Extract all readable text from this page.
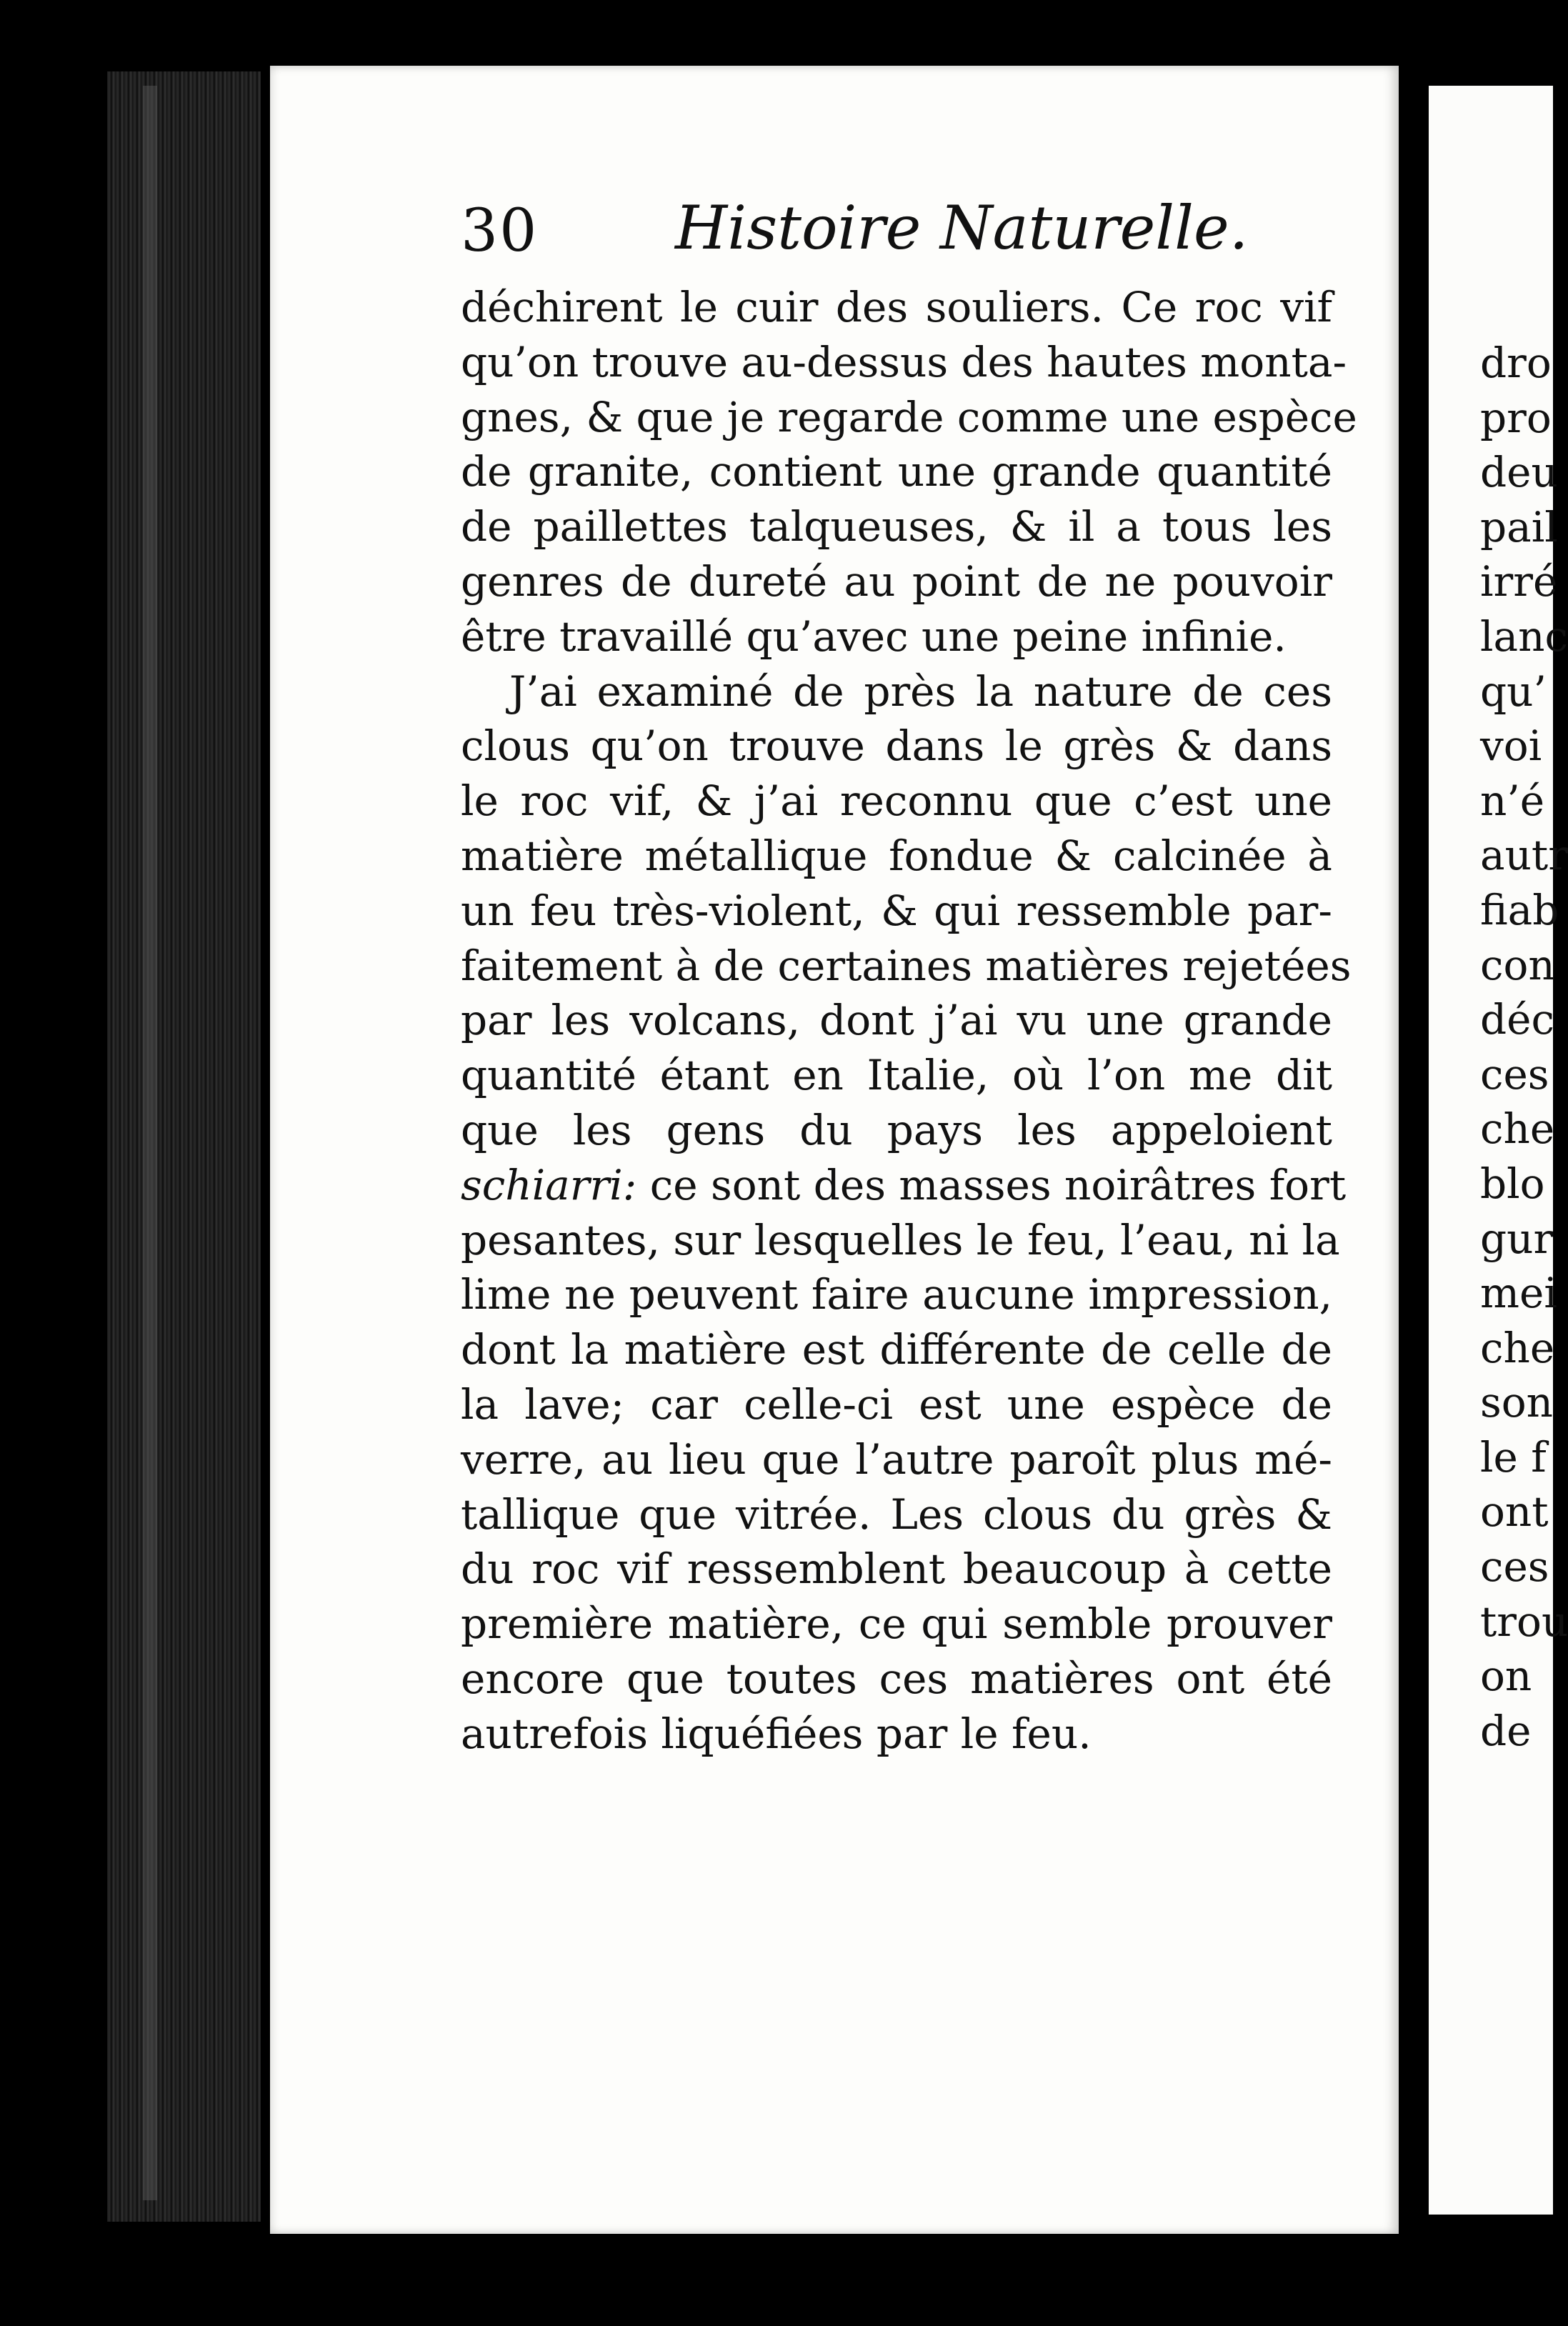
30 Histoire Naturelle.
déchirent le cuir des souliers. Ce roc vif
qu’on trouve au-dessus des hautes monta-
gnes, & que je regarde comme une espèce
de granite, contient une grande quantité
de paillettes talqueuses, & il a tous les
genres de dureté au point de ne pouvoir
être travaillé qu’avec une peine infinie.
J’ai examiné de près la nature de ces
clous qu’on trouve dans le grès & dans
le roc vif, & j’ai reconnu que c’est une
matière métallique fondue & calcinée à
un feu très-violent, & qui ressemble par-
faitement à de certaines matières rejetées
par les volcans, dont j’ai vu une grande
quantité étant en Italie, où l’on me dit
que les gens du pays les appeloient
schiarri: ce sont des masses noirâtres fort
pesantes, sur lesquelles le feu, l’eau, ni la
lime ne peuvent faire aucune impression,
dont la matière est différente de celle de
la lave; car celle-ci est une espèce de
verre, au lieu que l’autre paroît plus mé-
tallique que vitrée. Les clous du grès &
du roc vif ressemblent beaucoup à cette
première matière, ce qui semble prouver
encore que toutes ces matières ont été
autrefois liquéfiées par le feu.
dro
pro
deu
pail
irré
lanc
qu’
voi
n’é
autr
fiab
con
déc
ces
che
blo
gur
mei
che
son
le f
ont
ces
trou
on
de
